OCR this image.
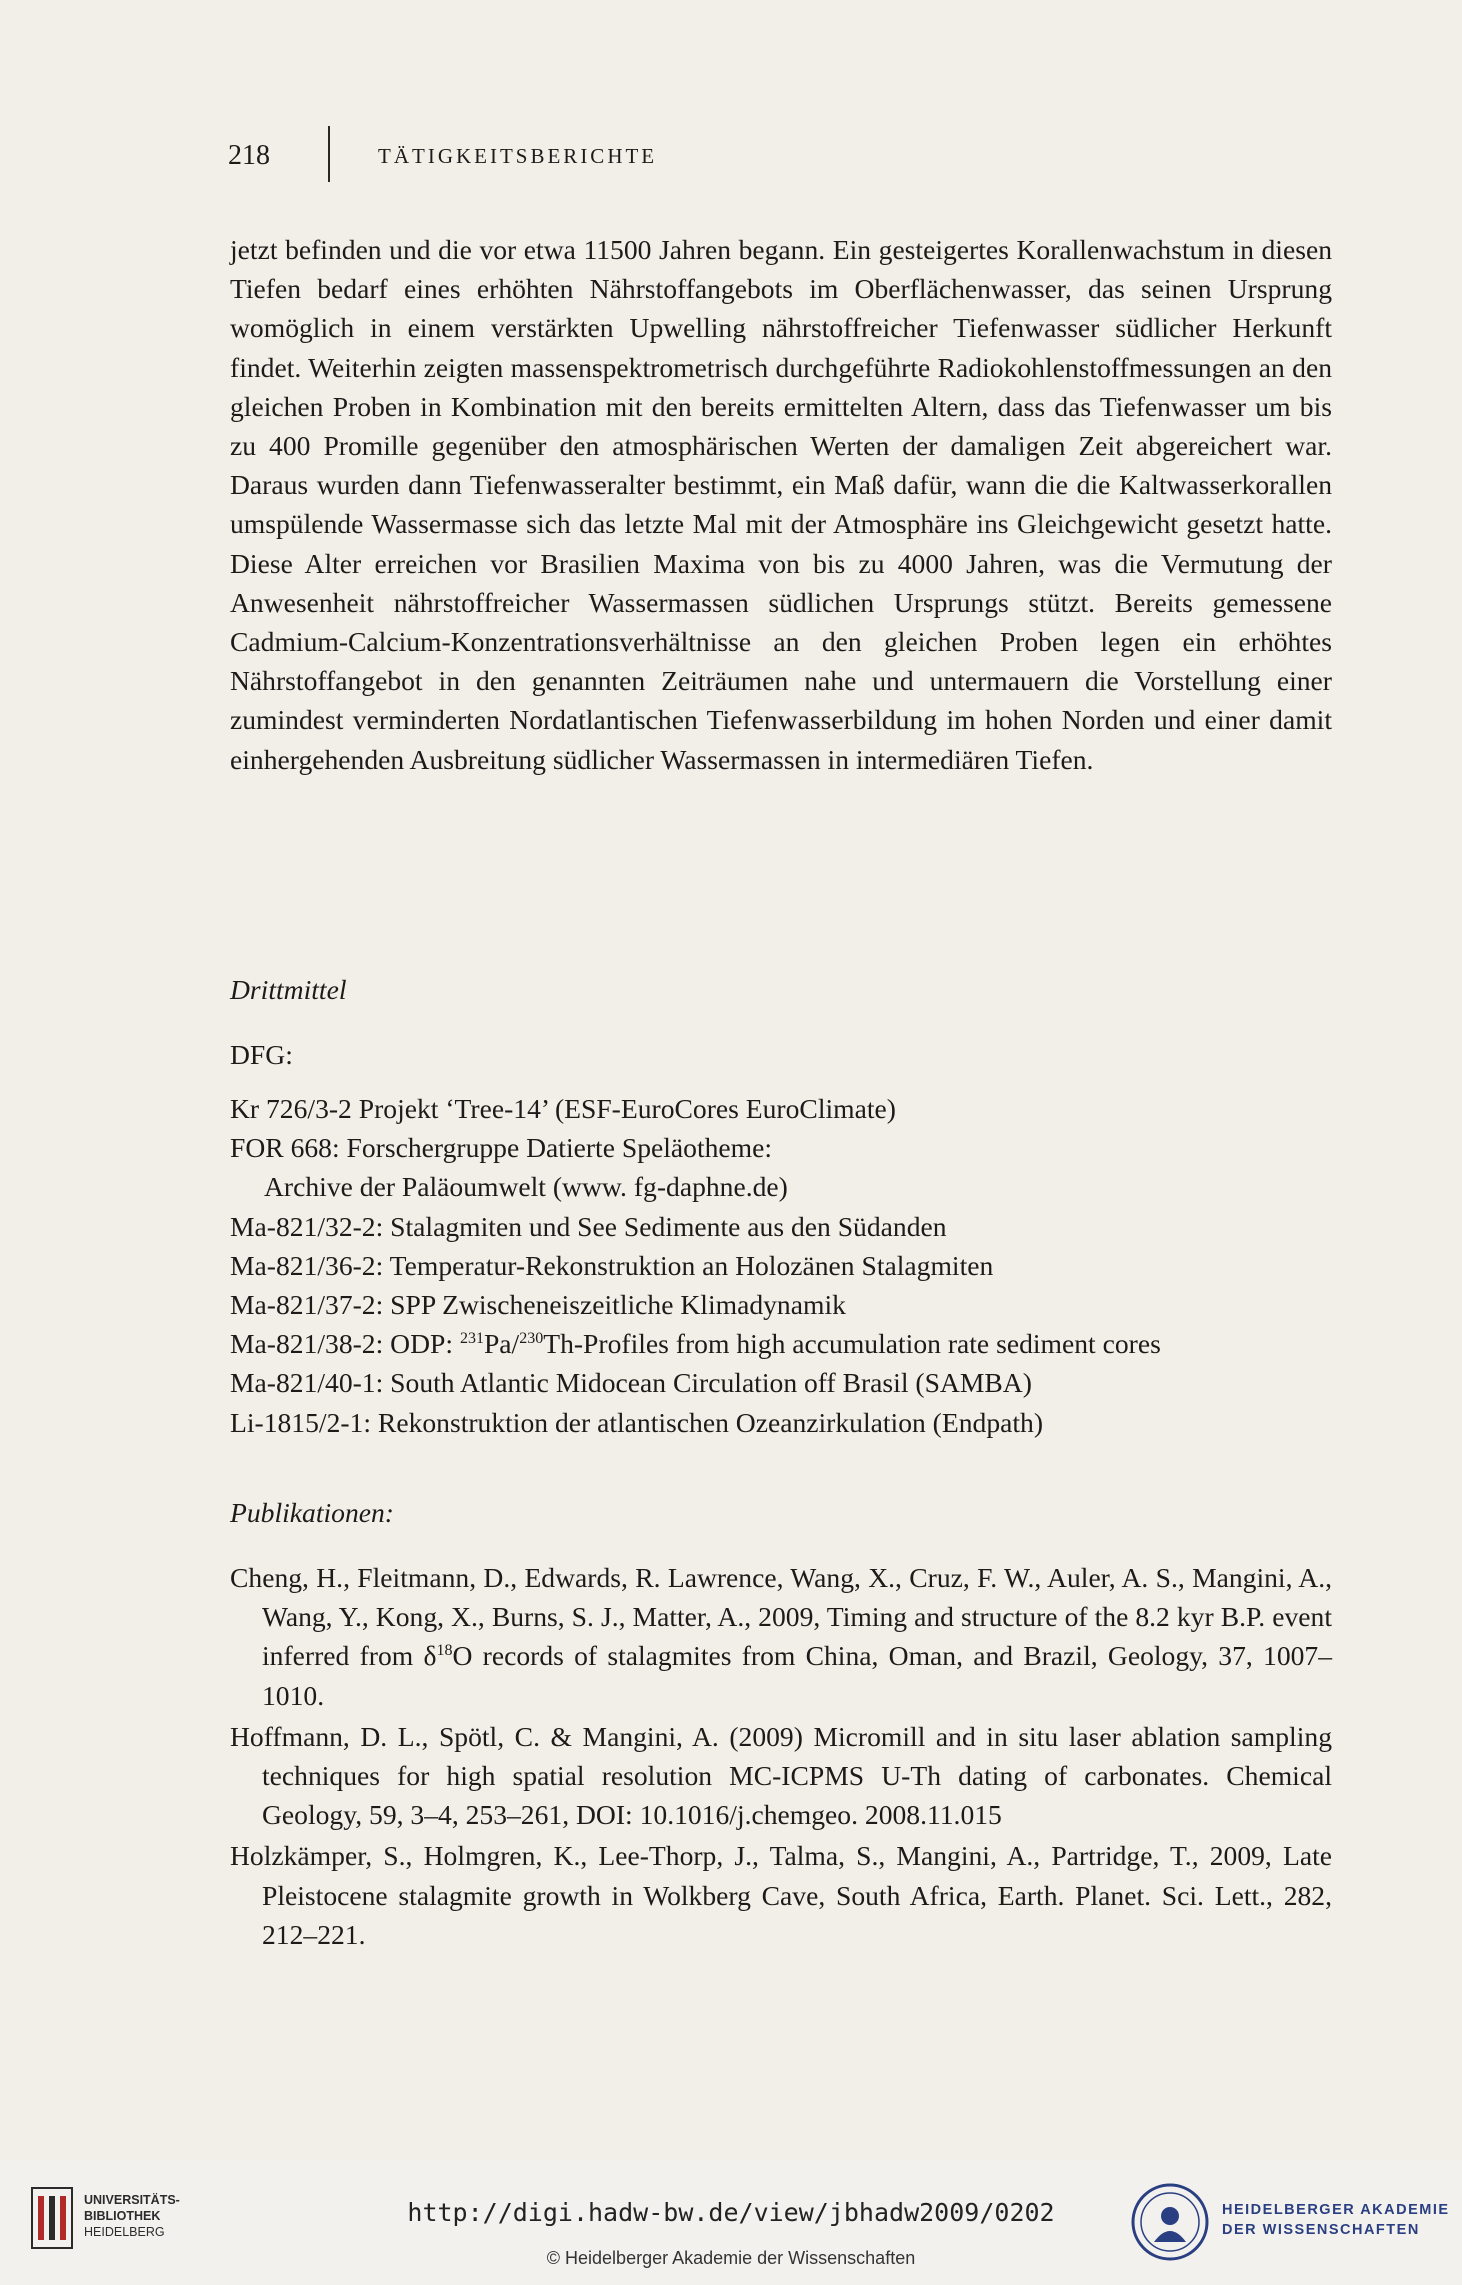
218	TÄTIGKEITSBERICHTE

jetzt befinden und die vor etwa 11500 Jahren begann. Ein gesteigertes Korallenwachstum in diesen Tiefen bedarf eines erhöhten Nährstoffangebots im Oberflächenwasser, das seinen Ursprung womöglich in einem verstärkten Upwelling nährstoffreicher Tiefenwasser südlicher Herkunft findet. Weiterhin zeigten massenspektrometrisch durchgeführte Radiokohlenstoffmessungen an den gleichen Proben in Kombination mit den bereits ermittelten Altern, dass das Tiefenwasser um bis zu 400 Promille gegenüber den atmosphärischen Werten der damaligen Zeit abgereichert war. Daraus wurden dann Tiefenwasseralter bestimmt, ein Maß dafür, wann die die Kaltwasserkorallen umspülende Wassermasse sich das letzte Mal mit der Atmosphäre ins Gleichgewicht gesetzt hatte. Diese Alter erreichen vor Brasilien Maxima von bis zu 4000 Jahren, was die Vermutung der Anwesenheit nährstoffreicher Wassermassen südlichen Ursprungs stützt. Bereits gemessene Cadmium-Calcium-Konzentrationsverhältnisse an den gleichen Proben legen ein erhöhtes Nährstoffangebot in den genannten Zeiträumen nahe und untermauern die Vorstellung einer zumindest verminderten Nordatlantischen Tiefenwasserbildung im hohen Norden und einer damit einhergehenden Ausbreitung südlicher Wassermassen in intermediären Tiefen.

Drittmittel
DFG:
Kr 726/3-2 Projekt ‘Tree-14’ (ESF-EuroCores EuroClimate)
FOR 668: Forschergruppe Datierte Speläotheme:
Archive der Paläoumwelt (www. fg-daphne.de)
Ma-821/32-2: Stalagmiten und See Sedimente aus den Südanden
Ma-821/36-2: Temperatur-Rekonstruktion an Holozänen Stalagmiten
Ma-821/37-2: SPP Zwischeneiszeitliche Klimadynamik
Ma-821/38-2: ODP: $^{231}$Pa/$^{230}$Th-Profiles from high accumulation rate sediment cores
Ma-821/40-1: South Atlantic Midocean Circulation off Brasil (SAMBA)
Li-1815/2-1: Rekonstruktion der atlantischen Ozeanzirkulation (Endpath)
Publikationen:
Cheng, H., Fleitmann, D., Edwards, R. Lawrence, Wang, X., Cruz, F. W., Auler, A. S., Mangini, A., Wang, Y., Kong, X., Burns, S. J., Matter, A., 2009, Timing and structure of the 8.2 kyr B.P. event inferred from $\delta^{18}O$ records of stalagmites from China, Oman, and Brazil, Geology, 37, 1007–1010.
Hoffmann, D. L., Spötl, C. & Mangini, A. (2009) Micromill and in situ laser ablation sampling techniques for high spatial resolution MC-ICPMS U-Th dating of carbonates. Chemical Geology, 59, 3–4, 253–261, DOI: 10.1016/j.chemgeo. 2008.11.015
Holzkämper, S., Holmgren, K., Lee-Thorp, J., Talma, S., Mangini, A., Partridge, T., 2009, Late Pleistocene stalagmite growth in Wolkberg Cave, South Africa, Earth. Planet. Sci. Lett., 282, 212–221.
UNIVERSITÄTS-
BIBLIOTHEK
HEIDELBERG
http://digi.hadw-bw.de/view/jbhadw2009/0202
© Heidelberger Akademie der Wissenschaften
HEIDELBERGER AKADEMIE
DER WISSENSCHAFTEN
